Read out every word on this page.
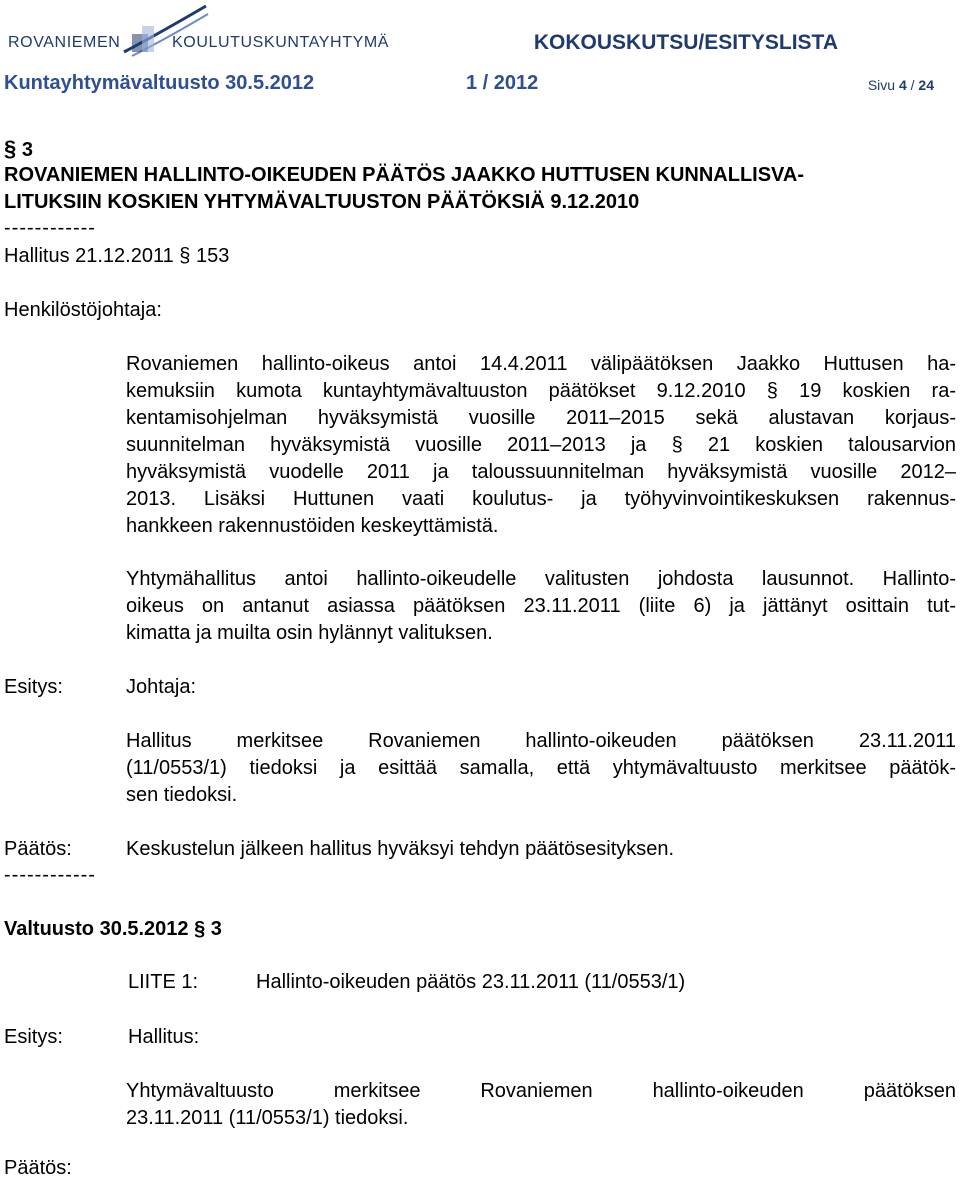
ROVANIEMEN	KOULUTUSKUNTAYHTYMÄ	KOKOUSKUTSU/ESITYSLISTA
Kuntayhtymävaltuusto 30.5.2012	1 / 2012	Sivu 4 / 24
§ 3
ROVANIEMEN HALLINTO-OIKEUDEN PÄÄTÖS JAAKKO HUTTUSEN KUNNALLISVA-
LITUKSIIN KOSKIEN YHTYMÄVALTUUSTON PÄÄTÖKSIÄ 9.12.2010
------------
Hallitus 21.12.2011 § 153
Henkilöstöjohtaja:
Rovaniemen hallinto-oikeus antoi 14.4.2011 välipäätöksen Jaakko Huttusen ha-
kemuksiin kumota kuntayhtymävaltuuston päätökset 9.12.2010 § 19 koskien ra-
kentamisohjelman hyväksymistä vuosille 2011–2015 sekä alustavan korjaus-
suunnitelman hyväksymistä vuosille 2011–2013 ja § 21 koskien talousarvion
hyväksymistä vuodelle 2011 ja taloussuunnitelman hyväksymistä vuosille 2012–
2013. Lisäksi Huttunen vaati koulutus- ja työhyvinvointikeskuksen rakennus-
hankkeen rakennustöiden keskeyttämistä.
Yhtymähallitus antoi hallinto-oikeudelle valitusten johdosta lausunnot. Hallinto-
oikeus on antanut asiassa päätöksen 23.11.2011 (liite 6) ja jättänyt osittain tut-
kimatta ja muilta osin hylännyt valituksen.
Esitys:	Johtaja:
Hallitus merkitsee Rovaniemen hallinto-oikeuden päätöksen 23.11.2011
(11/0553/1) tiedoksi ja esittää samalla, että yhtymävaltuusto merkitsee päätök-
sen tiedoksi.
Päätös:	Keskustelun jälkeen hallitus hyväksyi tehdyn päätösesityksen.
------------
Valtuusto 30.5.2012 § 3
LIITE 1:	Hallinto-oikeuden päätös 23.11.2011 (11/0553/1)
Esitys:	Hallitus:
Yhtymävaltuusto merkitsee Rovaniemen hallinto-oikeuden päätöksen
23.11.2011 (11/0553/1) tiedoksi.
Päätös:
